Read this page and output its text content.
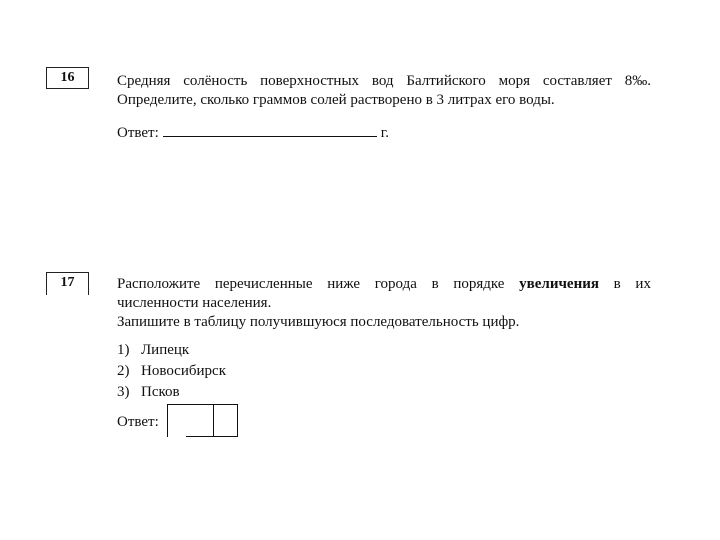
16	Средняя солёность поверхностных вод Балтийского моря составляет 8‰.
Определите, сколько граммов солей растворено в 3 литрах его воды.
Ответ:	г.
17	Расположите перечисленные ниже города в порядке увеличения в их
численности населения.
Запишите в таблицу получившуюся последовательность цифр.
1) Липецк
2) Новосибирск
3) Псков
Ответ:
